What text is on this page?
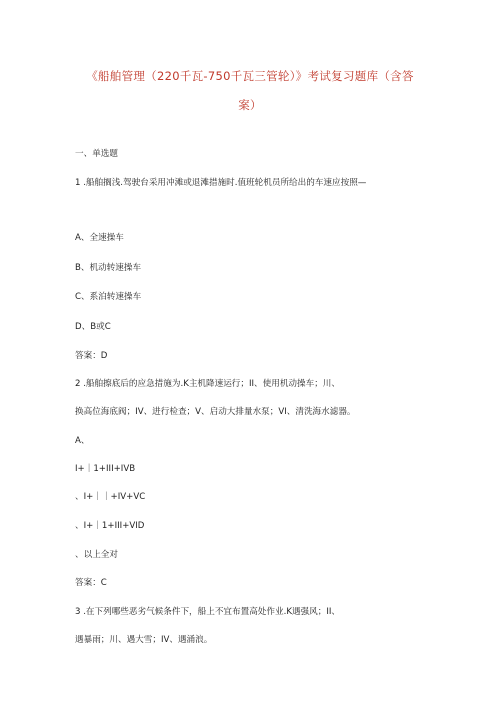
《船舶管理（220千瓦-750千瓦三管轮）》考试复习题库（含答
案）
一、单选题
1 .船舶搁浅.驾驶台采用冲滩或退滩措施时.值班轮机员所给出的车速应按照—
A、全速操车
B、机动转速操车
C、系泊转速操车
D、B或C
答案：D
2 .船舶擦底后的应急措施为.K主机降速运行；II、使用机动操车；川、
换高位海底阀；IV、进行检查；V、启动大排量水泵；VI、清洗海水滤器。
A、
I+｜1+III+IVB
、I+｜｜+IV+VC
、I+｜1+III+VID
、以上全对
答案：C
3 .在下列哪些恶劣气候条件下，船上不宜布置高处作业.K遇强风；II、
遇暴雨；川、遇大雪；IV、遇涌浪。
